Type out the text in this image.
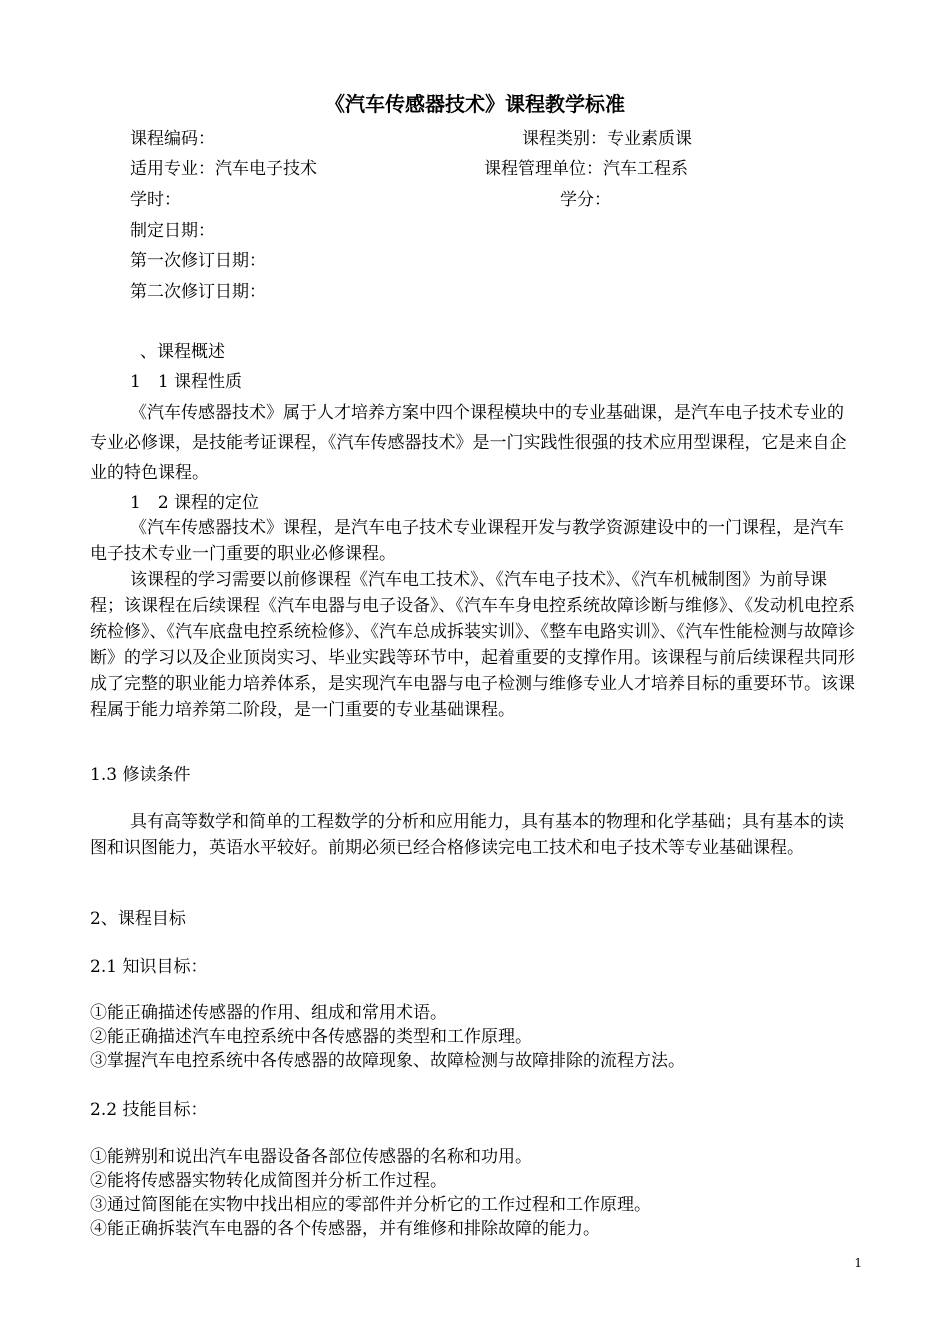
《汽车传感器技术》课程教学标准
课程编码：	课程类别：专业素质课
适用专业：汽车电子技术	课程管理单位：汽车工程系
学时：	学分：
制定日期：
第一次修订日期：
第二次修订日期：
、课程概述
1　1 课程性质

《汽车传感器技术》属于人才培养方案中四个课程模块中的专业基础课，是汽车电子技术专业的专业必修课，是技能考证课程，《汽车传感器技术》是一门实践性很强的技术应用型课程，它是来自企业的特色课程。

1　2 课程的定位

《汽车传感器技术》课程，是汽车电子技术专业课程开发与教学资源建设中的一门课程，是汽车电子技术专业一门重要的职业必修课程。

该课程的学习需要以前修课程《汽车电工技术》、《汽车电子技术》、《汽车机械制图》为前导课程；该课程在后续课程《汽车电器与电子设备》、《汽车车身电控系统故障诊断与维修》、《发动机电控系统检修》、《汽车底盘电控系统检修》、《汽车总成拆装实训》、《整车电路实训》、《汽车性能检测与故障诊断》的学习以及企业顶岗实习、毕业实践等环节中，起着重要的支撑作用。该课程与前后续课程共同形成了完整的职业能力培养体系，是实现汽车电器与电子检测与维修专业人才培养目标的重要环节。该课程属于能力培养第二阶段，是一门重要的专业基础课程。

1.3 修读条件

具有高等数学和简单的工程数学的分析和应用能力，具有基本的物理和化学基础；具有基本的读图和识图能力，英语水平较好。前期必须已经合格修读完电工技术和电子技术等专业基础课程。

2、课程目标
2.1 知识目标：
①能正确描述传感器的作用、组成和常用术语。
②能正确描述汽车电控系统中各传感器的类型和工作原理。
③掌握汽车电控系统中各传感器的故障现象、故障检测与故障排除的流程方法。
2.2 技能目标：
①能辨别和说出汽车电器设备各部位传感器的名称和功用。
②能将传感器实物转化成简图并分析工作过程。
③通过简图能在实物中找出相应的零部件并分析它的工作过程和工作原理。
④能正确拆装汽车电器的各个传感器，并有维修和排除故障的能力。
1
